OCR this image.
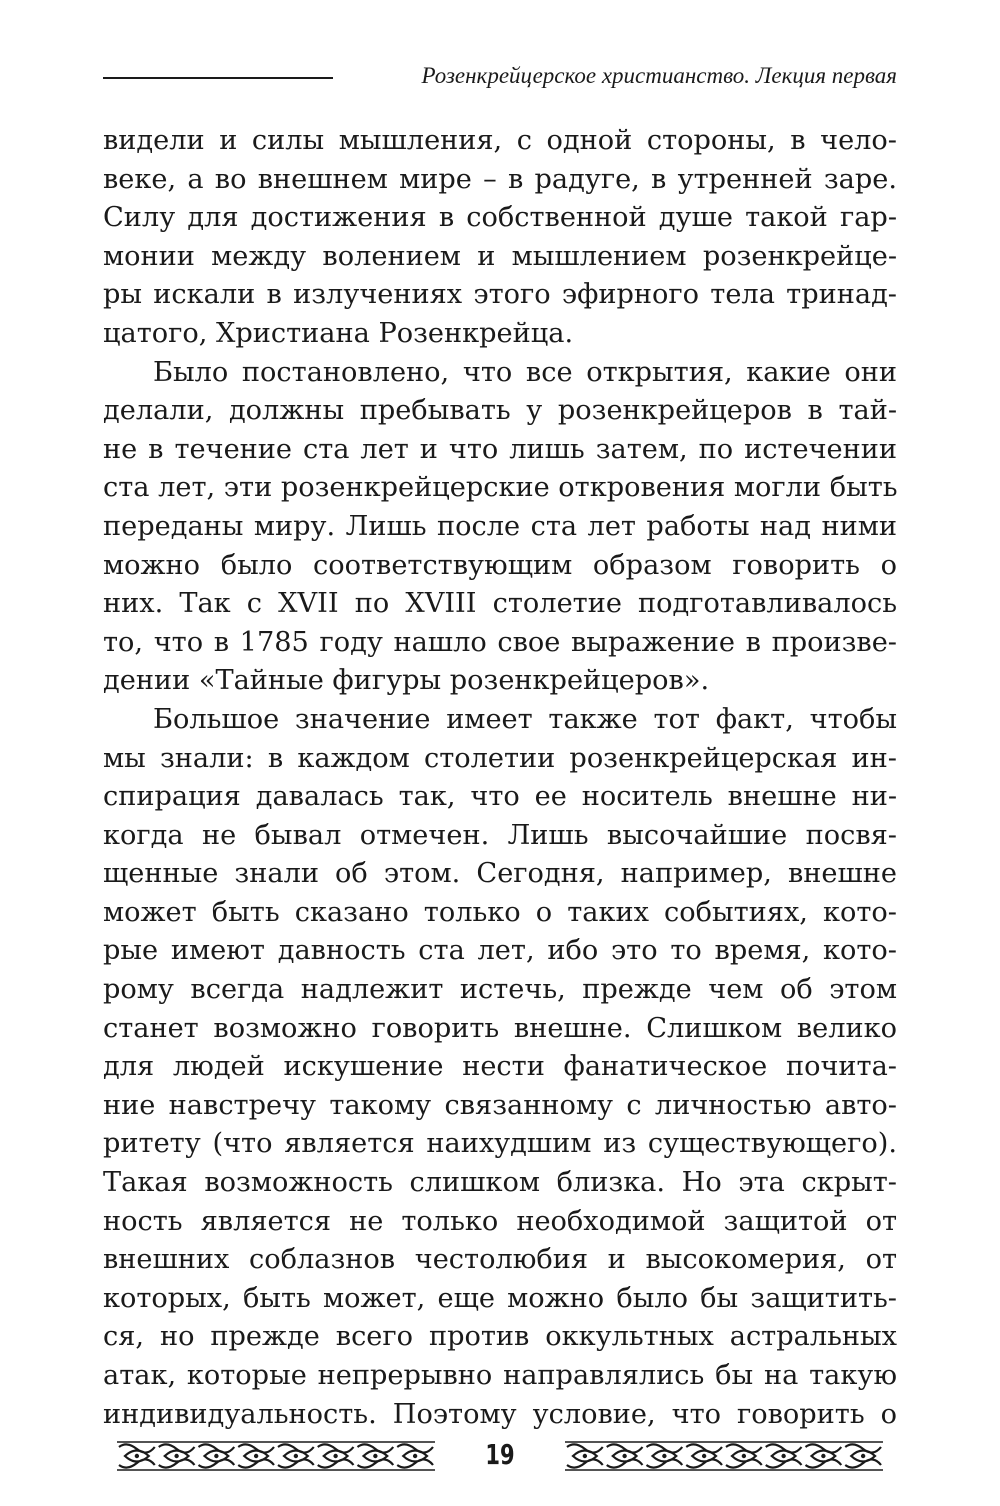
Розенкрейцерское христианство. Лекция первая
видели и силы мышления, с одной стороны, в чело-
веке, а во внешнем мире – в радуге, в утренней заре.
Силу для достижения в собственной душе такой гар-
монии между волением и мышлением розенкрейце-
ры искали в излучениях этого эфирного тела тринад-
цатого, Христиана Розенкрейца.
Было постановлено, что все открытия, какие они
делали, должны пребывать у розенкрейцеров в тай-
не в течение ста лет и что лишь затем, по истечении
ста лет, эти розенкрейцерские откровения могли быть
переданы миру. Лишь после ста лет работы над ними
можно было соответствующим образом говорить о
них. Так с XVII по XVIII столетие подготавливалось
то, что в 1785 году нашло свое выражение в произве-
дении «Тайные фигуры розенкрейцеров».
Большое значение имеет также тот факт, чтобы
мы знали: в каждом столетии розенкрейцерская ин-
спирация давалась так, что ее носитель внешне ни-
когда не бывал отмечен. Лишь высочайшие посвя-
щенные знали об этом. Сегодня, например, внешне
может быть сказано только о таких событиях, кото-
рые имеют давность ста лет, ибо это то время, кото-
рому всегда надлежит истечь, прежде чем об этом
станет возможно говорить внешне. Слишком велико
для людей искушение нести фанатическое почита-
ние навстречу такому связанному с личностью авто-
ритету (что является наихудшим из существующего).
Такая возможность слишком близка. Но эта скрыт-
ность является не только необходимой защитой от
внешних соблазнов честолюбия и высокомерия, от
которых, быть может, еще можно было бы защитить-
ся, но прежде всего против оккультных астральных
атак, которые непрерывно направлялись бы на такую
индивидуальность. Поэтому условие, что говорить о
19
